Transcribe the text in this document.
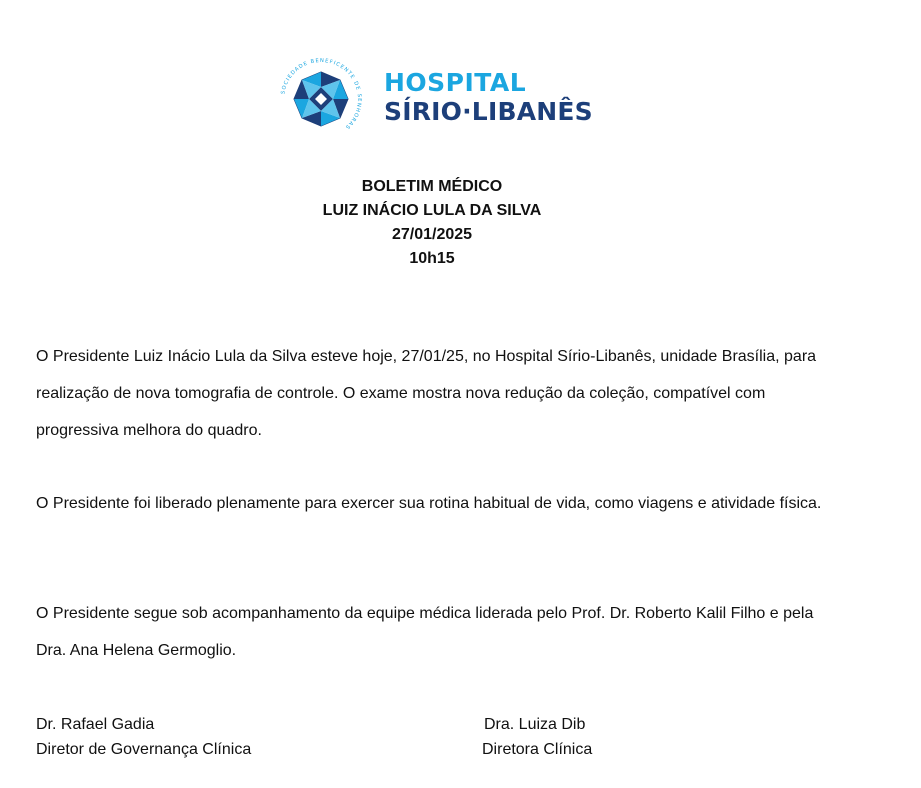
SOCIEDADE BENEFICENTE DE SENHORAS
HOSPITAL
SÍRIO·LIBANÊS
BOLETIM MÉDICO
LUIZ INÁCIO LULA DA SILVA
27/01/2025
10h15

O Presidente Luiz Inácio Lula da Silva esteve hoje, 27/01/25, no Hospital Sírio-Libanês, unidade Brasília, para realização de nova tomografia de controle. O exame mostra nova redução da coleção, compatível com progressiva melhora do quadro.

O Presidente foi liberado plenamente para exercer sua rotina habitual de vida, como viagens e atividade física.

O Presidente segue sob acompanhamento da equipe médica liderada pelo Prof. Dr. Roberto Kalil Filho e pela Dra. Ana Helena Germoglio.

Dr. Rafael Gadia
Diretor de Governança Clínica
Dra. Luiza Dib
Diretora Clínica
